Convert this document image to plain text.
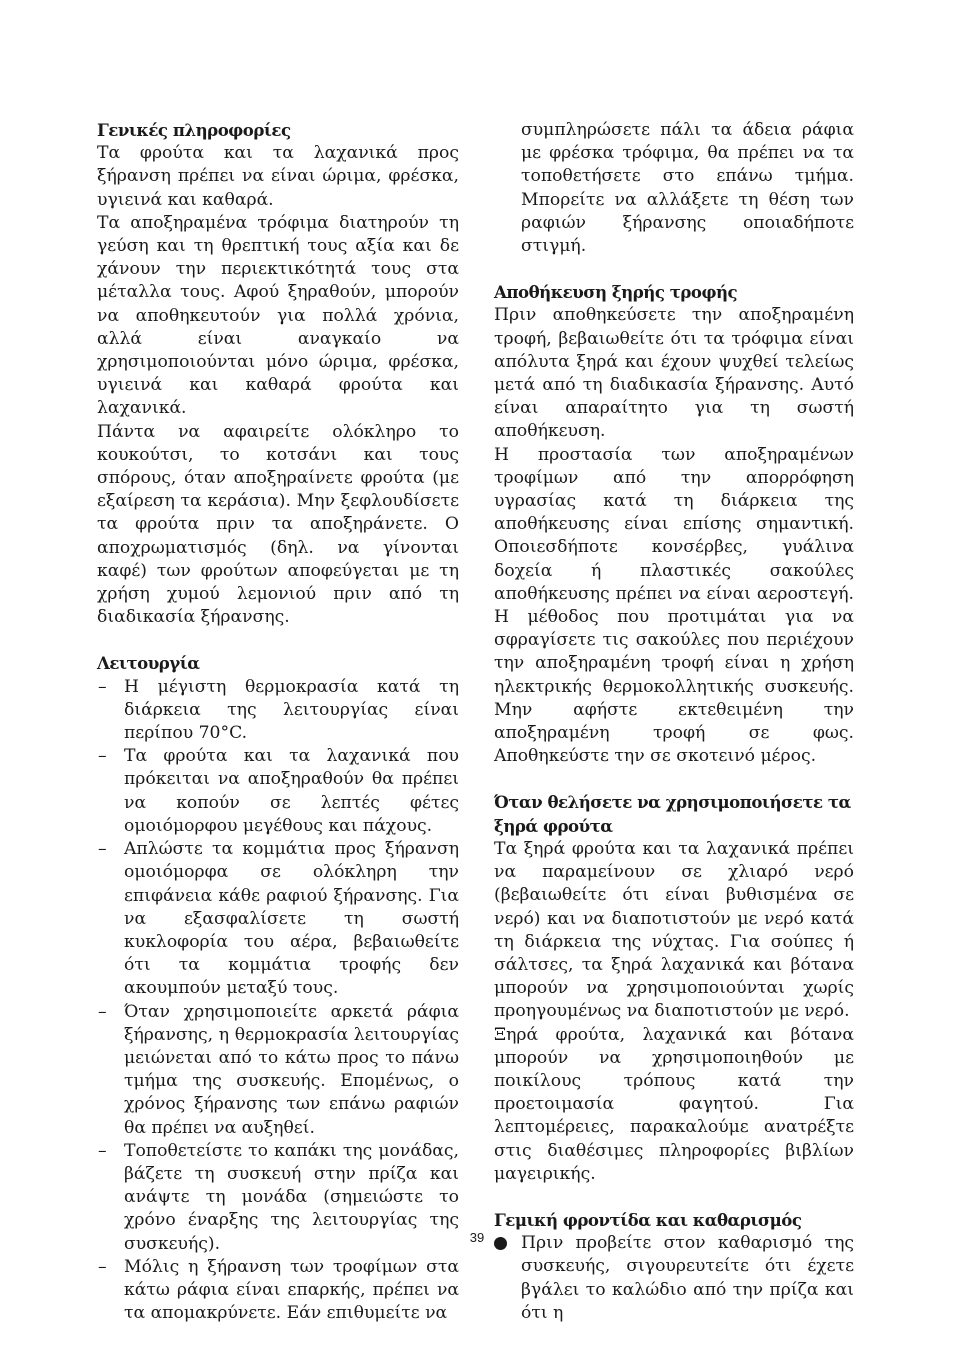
Γενικές πληροφορίες

Τα φρούτα και τα λαχανικά προς ξήρανση πρέπει να είναι ώριμα, φρέσκα, υγιεινά και καθαρά.

Τα αποξηραμένα τρόφιμα διατηρούν τη γεύση και τη θρεπτική τους αξία και δε χάνουν την περιεκτικότητά τους στα μέταλλα τους. Αφού ξηραθούν, μπορούν να αποθηκευτούν για πολλά χρόνια, αλλά είναι αναγκαίο να χρησιμοποιούνται μόνο ώριμα, φρέσκα, υγιεινά και καθαρά φρούτα και λαχανικά.

Πάντα να αφαιρείτε ολόκληρο το κουκούτσι, το κοτσάνι και τους σπόρους, όταν αποξηραίνετε φρούτα (με εξαίρεση τα κεράσια). Μην ξεφλουδίσετε τα φρούτα πριν τα αποξηράνετε. Ο αποχρωματισμός (δηλ. να γίνονται καφέ) των φρούτων αποφεύγεται με τη χρήση χυμού λεμονιού πριν από τη διαδικασία ξήρανσης.

Λειτουργία
– Η μέγιστη θερμοκρασία κατά τη διάρκεια της λειτουργίας είναι περίπου 70°C.
– Τα φρούτα και τα λαχανικά που πρόκειται να αποξηραθούν θα πρέπει να κοπούν σε λεπτές φέτες ομοιόμορφου μεγέθους και πάχους.
– Απλώστε τα κομμάτια προς ξήρανση ομοιόμορφα σε ολόκληρη την επιφάνεια κάθε ραφιού ξήρανσης. Για να εξασφαλίσετε τη σωστή κυκλοφορία του αέρα, βεβαιωθείτε ότι τα κομμάτια τροφής δεν ακουμπούν μεταξύ τους.
– Όταν χρησιμοποιείτε αρκετά ράφια ξήρανσης, η θερμοκρασία λειτουργίας μειώνεται από το κάτω προς το πάνω τμήμα της συσκευής. Επομένως, ο χρόνος ξήρανσης των επάνω ραφιών θα πρέπει να αυξηθεί.
– Τοποθετείστε το καπάκι της μονάδας, βάζετε τη συσκευή στην πρίζα και ανάψτε τη μονάδα (σημειώστε το χρόνο έναρξης της λειτουργίας της συσκευής).
– Μόλις η ξήρανση των τροφίμων στα κάτω ράφια είναι επαρκής, πρέπει να τα απομακρύνετε. Εάν επιθυμείτε να

συμπληρώσετε πάλι τα άδεια ράφια με φρέσκα τρόφιμα, θα πρέπει να τα τοποθετήσετε στο επάνω τμήμα. Μπορείτε να αλλάξετε τη θέση των ραφιών ξήρανσης οποιαδήποτε στιγμή.

Αποθήκευση ξηρής τροφής

Πριν αποθηκεύσετε την αποξηραμένη τροφή, βεβαιωθείτε ότι τα τρόφιμα είναι απόλυτα ξηρά και έχουν ψυχθεί τελείως μετά από τη διαδικασία ξήρανσης. Αυτό είναι απαραίτητο για τη σωστή αποθήκευση.

Η προστασία των αποξηραμένων τροφίμων από την απορρόφηση υγρασίας κατά τη διάρκεια της αποθήκευσης είναι επίσης σημαντική. Οποιεσδήποτε κονσέρβες, γυάλινα δοχεία ή πλαστικές σακούλες αποθήκευσης πρέπει να είναι αεροστεγή. Η μέθοδος που προτιμάται για να σφραγίσετε τις σακούλες που περιέχουν την αποξηραμένη τροφή είναι η χρήση ηλεκτρικής θερμοκολλητικής συσκευής. Μην αφήστε εκτεθειμένη την αποξηραμένη τροφή σε φως. Αποθηκεύστε την σε σκοτεινό μέρος.

Όταν θελήσετε να χρησιμοποιήσετε τα ξηρά φρούτα

Τα ξηρά φρούτα και τα λαχανικά πρέπει να παραμείνουν σε χλιαρό νερό (βεβαιωθείτε ότι είναι βυθισμένα σε νερό) και να διαποτιστούν με νερό κατά τη διάρκεια της νύχτας. Για σούπες ή σάλτσες, τα ξηρά λαχανικά και βότανα μπορούν να χρησιμοποιούνται χωρίς προηγουμένως να διαποτιστούν με νερό.

Ξηρά φρούτα, λαχανικά και βότανα μπορούν να χρησιμοποιηθούν με ποικίλους τρόπους κατά την προετοιμασία φαγητού. Για λεπτομέρειες, παρακαλούμε ανατρέξτε στις διαθέσιμες πληροφορίες βιβλίων μαγειρικής.

Γεμική φροντίδα και καθαρισμός
Πριν προβείτε στον καθαρισμό της συσκευής, σιγουρευτείτε ότι έχετε βγάλει το καλώδιο από την πρίζα και ότι η
39
